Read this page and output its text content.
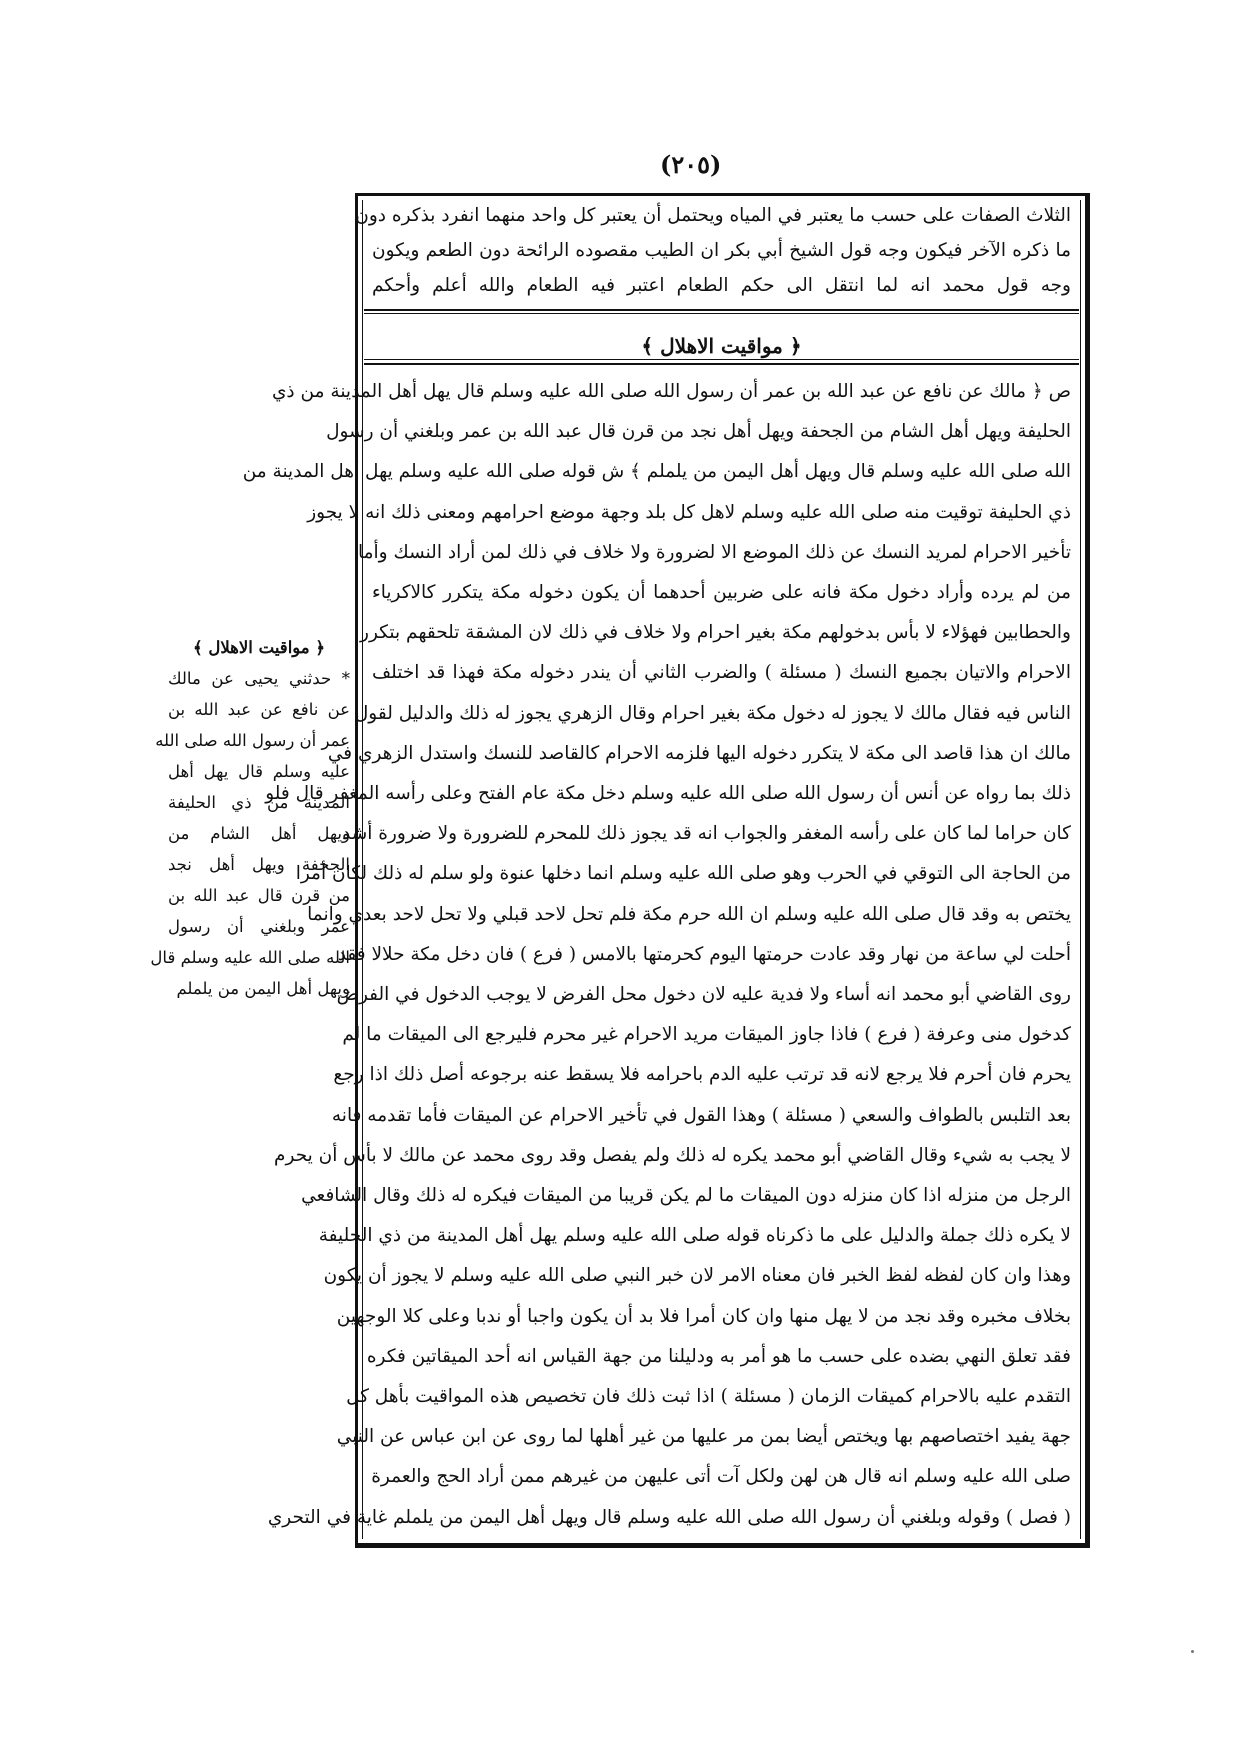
(٢٠٥)
الثلاث الصفات على حسب ما يعتبر في المياه ويحتمل أن يعتبر كل واحد منهما انفرد بذكره دون
ما ذكره الآخر فيكون وجه قول الشيخ أبي بكر ان الطيب مقصوده الرائحة دون الطعم ويكون
وجه قول محمد انه لما انتقل الى حكم الطعام اعتبر فيه الطعام والله أعلم وأحكم
﴿ مواقيت الاهلال ﴾
ص ﴿ مالك عن نافع عن عبد الله بن عمر أن رسول الله صلى الله عليه وسلم قال يهل أهل المدينة من ذي
الحليفة ويهل أهل الشام من الجحفة ويهل أهل نجد من قرن قال عبد الله بن عمر وبلغني أن رسول
الله صلى الله عليه وسلم قال ويهل أهل اليمن من يلملم ﴾ ش قوله صلى الله عليه وسلم يهل أهل المدينة من
ذي الحليفة توقيت منه صلى الله عليه وسلم لاهل كل بلد وجهة موضع احرامهم ومعنى ذلك انه لا يجوز
تأخير الاحرام لمريد النسك عن ذلك الموضع الا لضرورة ولا خلاف في ذلك لمن أراد النسك وأما
من لم يرده وأراد دخول مكة فانه على ضربين أحدهما أن يكون دخوله مكة يتكرر كالاكرياء
والحطابين فهؤلاء لا بأس بدخولهم مكة بغير احرام ولا خلاف في ذلك لان المشقة تلحقهم بتكرر
الاحرام والاتيان بجميع النسك ( مسئلة ) والضرب الثاني أن يندر دخوله مكة فهذا قد اختلف
الناس فيه فقال مالك لا يجوز له دخول مكة بغير احرام وقال الزهري يجوز له ذلك والدليل لقول
مالك ان هذا قاصد الى مكة لا يتكرر دخوله اليها فلزمه الاحرام كالقاصد للنسك واستدل الزهري في
ذلك بما رواه عن أنس أن رسول الله صلى الله عليه وسلم دخل مكة عام الفتح وعلى رأسه المغفر قال فلو
كان حراما لما كان على رأسه المغفر والجواب انه قد يجوز ذلك للمحرم للضرورة ولا ضرورة أشد
من الحاجة الى التوقي في الحرب وهو صلى الله عليه وسلم انما دخلها عنوة ولو سلم له ذلك لكان أمرا
يختص به وقد قال صلى الله عليه وسلم ان الله حرم مكة فلم تحل لاحد قبلي ولا تحل لاحد بعدي وانما
أحلت لي ساعة من نهار وقد عادت حرمتها اليوم كحرمتها بالامس ( فرع ) فان دخل مكة حلالا فقد
روى القاضي أبو محمد انه أساء ولا فدية عليه لان دخول محل الفرض لا يوجب الدخول في الفرض
كدخول منى وعرفة ( فرع ) فاذا جاوز الميقات مريد الاحرام غير محرم فليرجع الى الميقات ما لم
يحرم فان أحرم فلا يرجع لانه قد ترتب عليه الدم باحرامه فلا يسقط عنه برجوعه أصل ذلك اذا رجع
بعد التلبس بالطواف والسعي ( مسئلة ) وهذا القول في تأخير الاحرام عن الميقات فأما تقدمه فانه
لا يجب به شيء وقال القاضي أبو محمد يكره له ذلك ولم يفصل وقد روى محمد عن مالك لا بأس أن يحرم
الرجل من منزله اذا كان منزله دون الميقات ما لم يكن قريبا من الميقات فيكره له ذلك وقال الشافعي
لا يكره ذلك جملة والدليل على ما ذكرناه قوله صلى الله عليه وسلم يهل أهل المدينة من ذي الحليفة
وهذا وان كان لفظه لفظ الخبر فان معناه الامر لان خبر النبي صلى الله عليه وسلم لا يجوز أن يكون
بخلاف مخبره وقد نجد من لا يهل منها وان كان أمرا فلا بد أن يكون واجبا أو ندبا وعلى كلا الوجهين
فقد تعلق النهي بضده على حسب ما هو أمر به ودليلنا من جهة القياس انه أحد الميقاتين فكره
التقدم عليه بالاحرام كميقات الزمان ( مسئلة ) اذا ثبت ذلك فان تخصيص هذه المواقيت بأهل كل
جهة يفيد اختصاصهم بها ويختص أيضا بمن مر عليها من غير أهلها لما روى عن ابن عباس عن النبي
صلى الله عليه وسلم انه قال هن لهن ولكل آت أتى عليهن من غيرهم ممن أراد الحج والعمرة
( فصل ) وقوله وبلغني أن رسول الله صلى الله عليه وسلم قال ويهل أهل اليمن من يلملم غاية في التحري
﴿ مواقيت الاهلال ﴾
* حدثني يحيى عن مالك
عن نافع عن عبد الله بن
عمر أن رسول الله صلى الله
عليه وسلم قال يهل أهل
المدينة من ذي الحليفة
ويهل أهل الشام من
الجحفة ويهل أهل نجد
من قرن قال عبد الله بن
عمر وبلغني أن رسول
الله صلى الله عليه وسلم قال
ويهل أهل اليمن من يلملم
